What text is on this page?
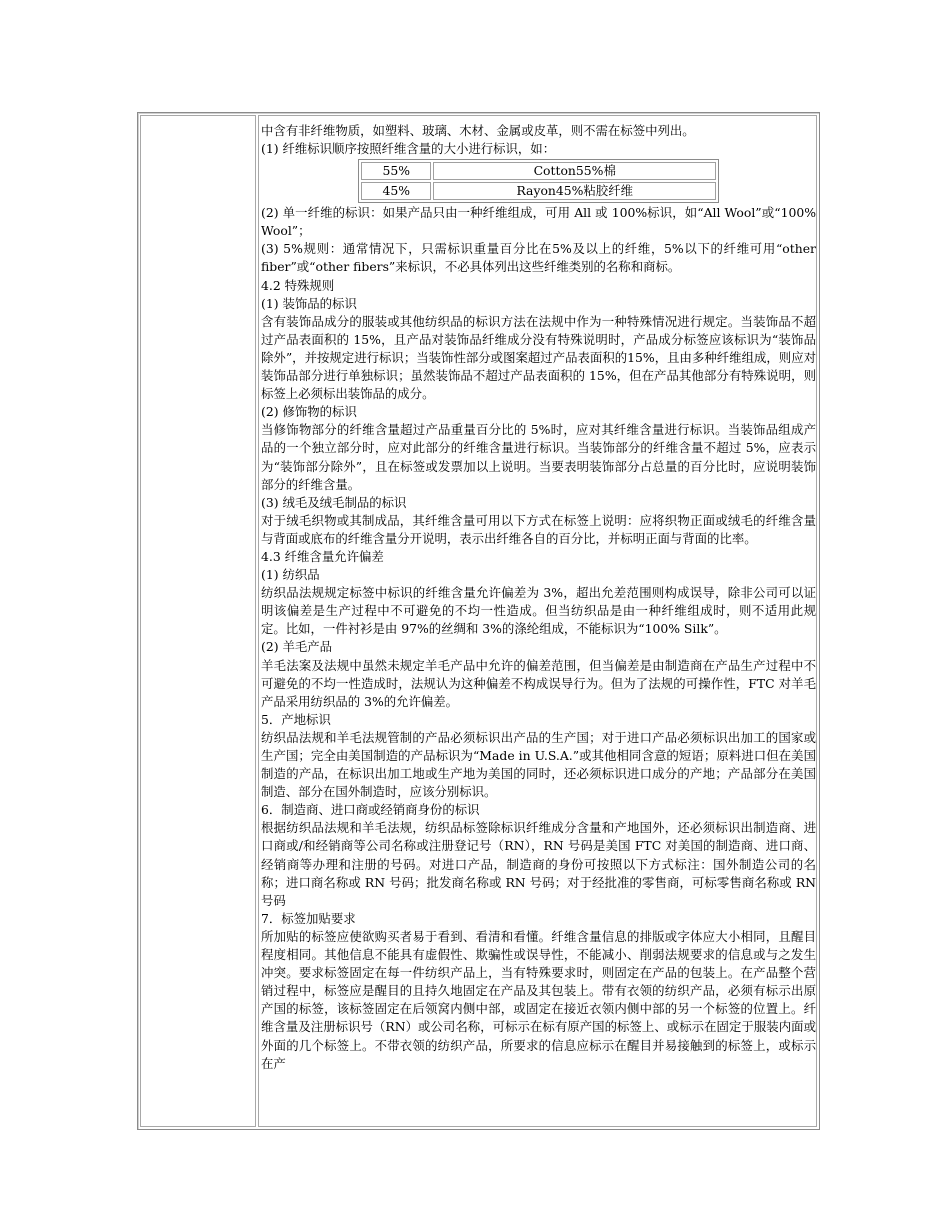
中含有非纤维物质，如塑料、玻璃、木材、金属或皮革，则不需在标签中列出。

(1) 纤维标识顺序按照纤维含量的大小进行标识，如：

55%	Cotton55%棉
45%	Rayon45%粘胶纤维

(2) 单一纤维的标识：如果产品只由一种纤维组成，可用 All 或 100%标识，如“All Wool”或“100% Wool”；

(3) 5%规则：通常情况下，只需标识重量百分比在5%及以上的纤维，5%以下的纤维可用“other fiber”或“other fibers”来标识，不必具体列出这些纤维类别的名称和商标。

4.2 特殊规则

(1) 装饰品的标识

含有装饰品成分的服装或其他纺织品的标识方法在法规中作为一种特殊情况进行规定。当装饰品不超过产品表面积的 15%，且产品对装饰品纤维成分没有特殊说明时，产品成分标签应该标识为“装饰品除外”，并按规定进行标识；当装饰性部分或图案超过产品表面积的15%，且由多种纤维组成，则应对装饰品部分进行单独标识；虽然装饰品不超过产品表面积的 15%，但在产品其他部分有特殊说明，则标签上必须标出装饰品的成分。

(2) 修饰物的标识

当修饰物部分的纤维含量超过产品重量百分比的 5%时，应对其纤维含量进行标识。当装饰品组成产品的一个独立部分时，应对此部分的纤维含量进行标识。当装饰部分的纤维含量不超过 5%，应表示为“装饰部分除外”，且在标签或发票加以上说明。当要表明装饰部分占总量的百分比时，应说明装饰部分的纤维含量。

(3) 绒毛及绒毛制品的标识

对于绒毛织物或其制成品，其纤维含量可用以下方式在标签上说明：应将织物正面或绒毛的纤维含量与背面或底布的纤维含量分开说明，表示出纤维各自的百分比，并标明正面与背面的比率。

4.3 纤维含量允许偏差

(1) 纺织品

纺织品法规规定标签中标识的纤维含量允许偏差为 3%，超出允差范围则构成误导，除非公司可以证明该偏差是生产过程中不可避免的不均一性造成。但当纺织品是由一种纤维组成时，则不适用此规定。比如，一件衬衫是由 97%的丝绸和 3%的涤纶组成，不能标识为“100% Silk”。

(2) 羊毛产品

羊毛法案及法规中虽然未规定羊毛产品中允许的偏差范围，但当偏差是由制造商在产品生产过程中不可避免的不均一性造成时，法规认为这种偏差不构成误导行为。但为了法规的可操作性，FTC 对羊毛产品采用纺织品的 3%的允许偏差。

5．产地标识

纺织品法规和羊毛法规管制的产品必须标识出产品的生产国；对于进口产品必须标识出加工的国家或生产国；完全由美国制造的产品标识为“Made in U.S.A.”或其他相同含意的短语；原料进口但在美国制造的产品，在标识出加工地或生产地为美国的同时，还必须标识进口成分的产地；产品部分在美国制造、部分在国外制造时，应该分别标识。

6．制造商、进口商或经销商身份的标识

根据纺织品法规和羊毛法规，纺织品标签除标识纤维成分含量和产地国外，还必须标识出制造商、进口商或/和经销商等公司名称或注册登记号（RN），RN 号码是美国 FTC 对美国的制造商、进口商、经销商等办理和注册的号码。对进口产品，制造商的身份可按照以下方式标注：国外制造公司的名称；进口商名称或 RN 号码；批发商名称或 RN 号码；对于经批准的零售商，可标零售商名称或 RN 号码

7．标签加贴要求

所加贴的标签应使欲购买者易于看到、看清和看懂。纤维含量信息的排版或字体应大小相同，且醒目程度相同。其他信息不能具有虚假性、欺骗性或误导性，不能减小、削弱法规要求的信息或与之发生冲突。要求标签固定在每一件纺织产品上，当有特殊要求时，则固定在产品的包装上。在产品整个营销过程中，标签应是醒目的且持久地固定在产品及其包装上。带有衣领的纺织产品，必须有标示出原产国的标签，该标签固定在后领窝内侧中部，或固定在接近衣领内侧中部的另一个标签的位置上。纤维含量及注册标识号（RN）或公司名称，可标示在标有原产国的标签上、或标示在固定于服装内面或外面的几个标签上。不带衣领的纺织产品，所要求的信息应标示在醒目并易接触到的标签上，或标示在产
